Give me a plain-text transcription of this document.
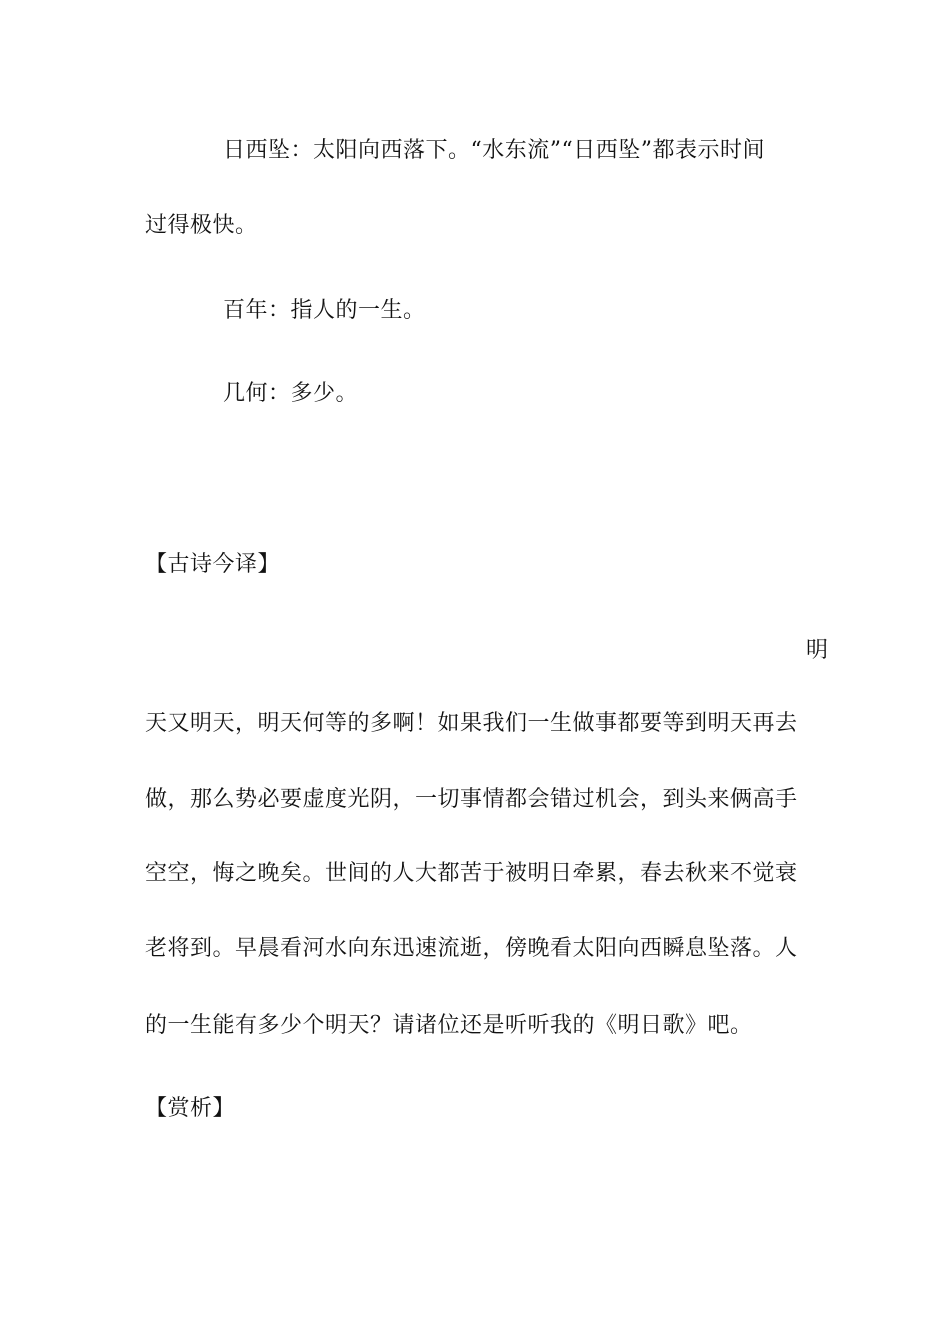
日西坠：太阳向西落下。“水东流”“日西坠”都表示时间
过得极快。
百年：指人的一生。
几何：多少。
【古诗今译】
明
天又明天，明天何等的多啊！如果我们一生做事都要等到明天再去
做，那么势必要虚度光阴，一切事情都会错过机会，到头来俩高手
空空，悔之晚矣。世间的人大都苦于被明日牵累，春去秋来不觉衰
老将到。早晨看河水向东迅速流逝，傍晚看太阳向西瞬息坠落。人
的一生能有多少个明天？请诸位还是听听我的《明日歌》吧。
【赏析】
